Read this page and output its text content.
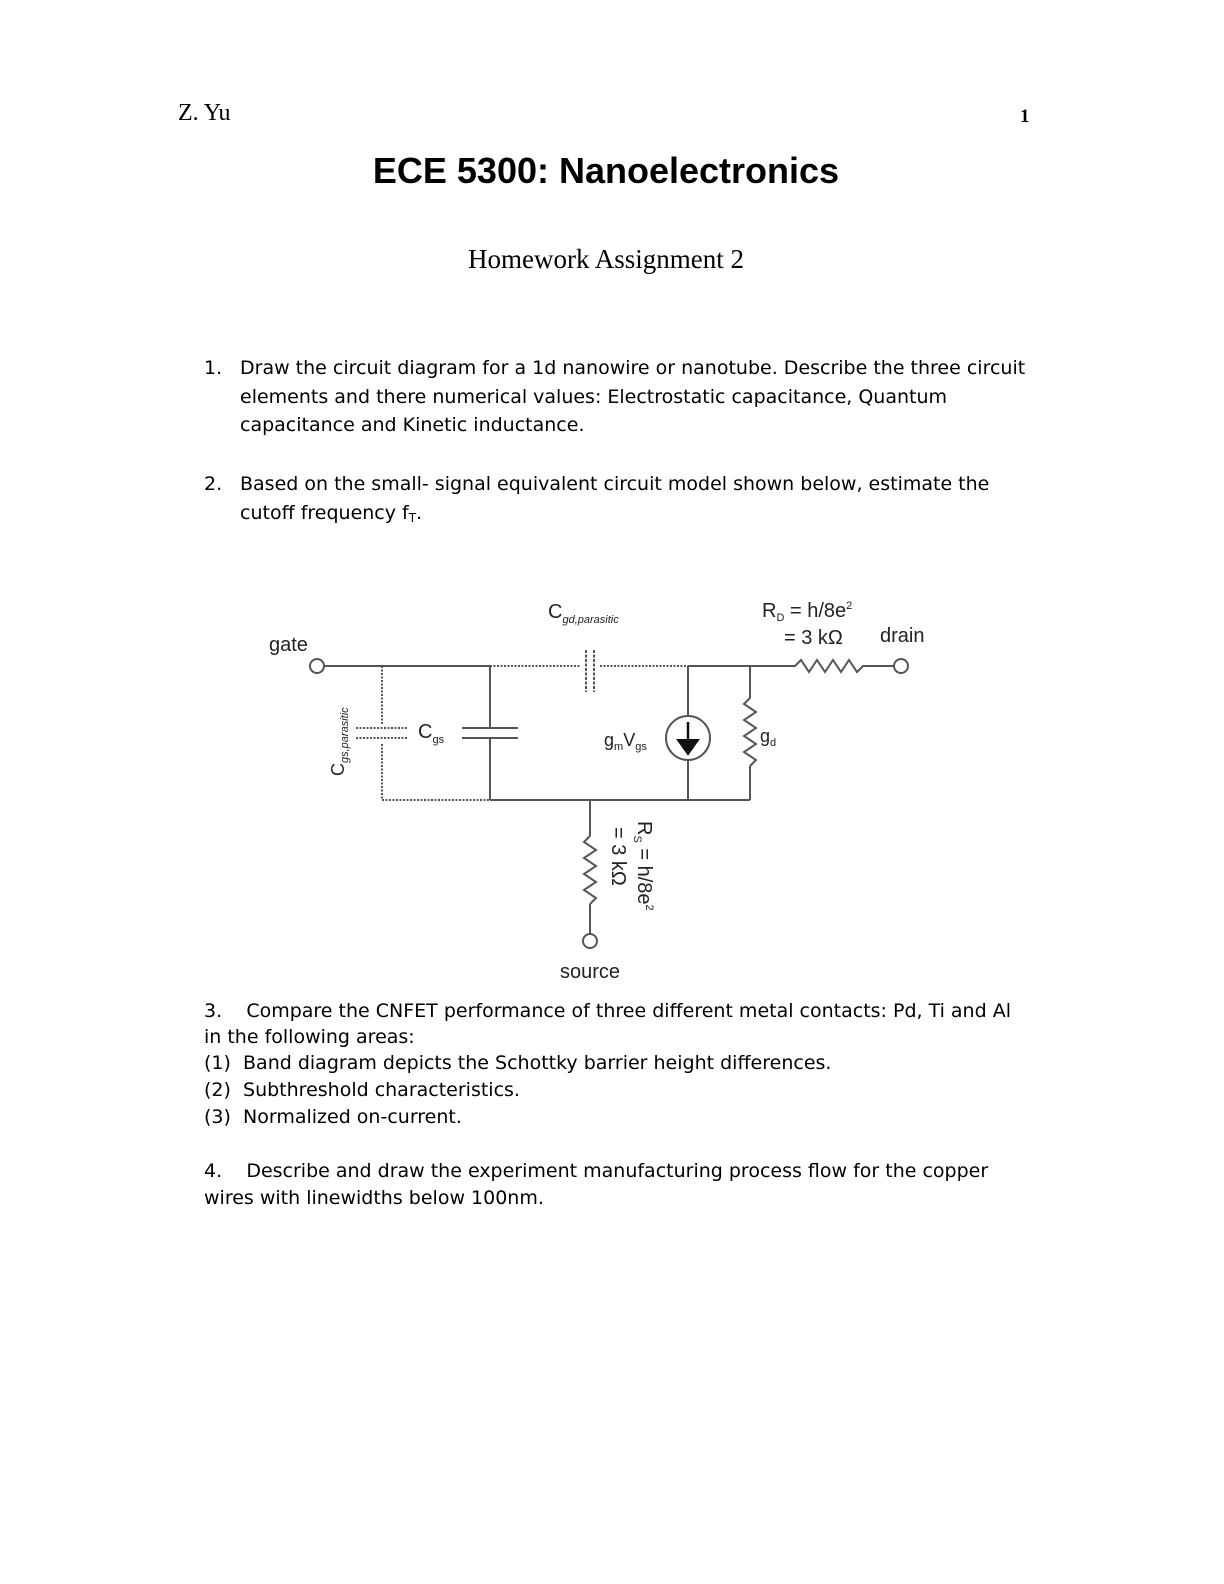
Z. Yu	1
ECE 5300: Nanoelectronics
Homework Assignment 2
1. Draw the circuit diagram for a 1d nanowire or nanotube. Describe the three circuit elements and there numerical values: Electrostatic capacitance, Quantum capacitance and Kinetic inductance.
2. Based on the small- signal equivalent circuit model shown below, estimate the cutoff frequency $f_T$.
gate	drain
source
$C_{gd,parasitic}$
$C_{gs}$
$C_{gs,parasitic}$	$g_mV_{gs}$
$g_d$
$R_D = h/8e^2$
= 3 kΩ
$R_S = h/8e^2$
= 3 kΩ
3. Compare the CNFET performance of three different metal contacts: Pd, Ti and Al in the following areas:
(1) Band diagram depicts the Schottky barrier height differences.
(2) Subthreshold characteristics.
(3) Normalized on-current.
4. Describe and draw the experiment manufacturing process flow for the copper wires with linewidths below 100nm.
